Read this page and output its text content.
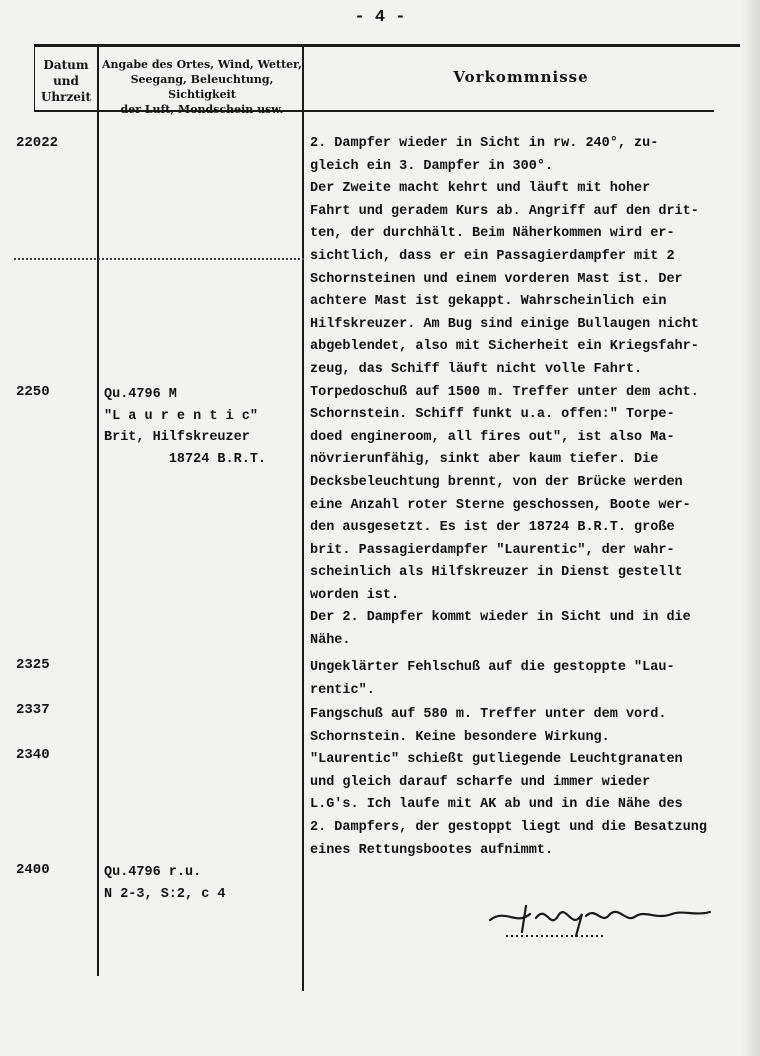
- 4 -
Datum
und
Uhrzeit
Angabe des Ortes, Wind, Wetter,
Seegang, Beleuchtung, Sichtigkeit
der Luft, Mondschein usw.
Vorkommnisse
22022
2250
2325
2337
2340
2400
Qu.4796 M
"L a u r e n t i c"
Brit, Hilfskreuzer
18724 B.R.T.
Qu.4796 r.u.
N 2-3, S:2, c 4
2. Dampfer wieder in Sicht in rw. 240°, zu-
gleich ein 3. Dampfer in 300°.
Der Zweite macht kehrt und läuft mit hoher
Fahrt und geradem Kurs ab. Angriff auf den drit-
ten, der durchhält. Beim Näherkommen wird er-
sichtlich, dass er ein Passagierdampfer mit 2
Schornsteinen und einem vorderen Mast ist. Der
achtere Mast ist gekappt. Wahrscheinlich ein
Hilfskreuzer. Am Bug sind einige Bullaugen nicht
abgeblendet, also mit Sicherheit ein Kriegsfahr-
zeug, das Schiff läuft nicht volle Fahrt.
Torpedoschuß auf 1500 m. Treffer unter dem acht.
Schornstein. Schiff funkt u.a. offen:" Torpe-
doed engineroom, all fires out", ist also Ma-
növrierunfähig, sinkt aber kaum tiefer. Die
Decksbeleuchtung brennt, von der Brücke werden
eine Anzahl roter Sterne geschossen, Boote wer-
den ausgesetzt. Es ist der 18724 B.R.T. große
brit. Passagierdampfer "Laurentic", der wahr-
scheinlich als Hilfskreuzer in Dienst gestellt
worden ist.
Der 2. Dampfer kommt wieder in Sicht und in die
Nähe.
Ungeklärter Fehlschuß auf die gestoppte "Lau-
rentic".
Fangschuß auf 580 m. Treffer unter dem vord.
Schornstein. Keine besondere Wirkung.
"Laurentic" schießt gutliegende Leuchtgranaten
und gleich darauf scharfe und immer wieder
L.G's. Ich laufe mit AK ab und in die Nähe des
2. Dampfers, der gestoppt liegt und die Besatzung
eines Rettungsbootes aufnimmt.
